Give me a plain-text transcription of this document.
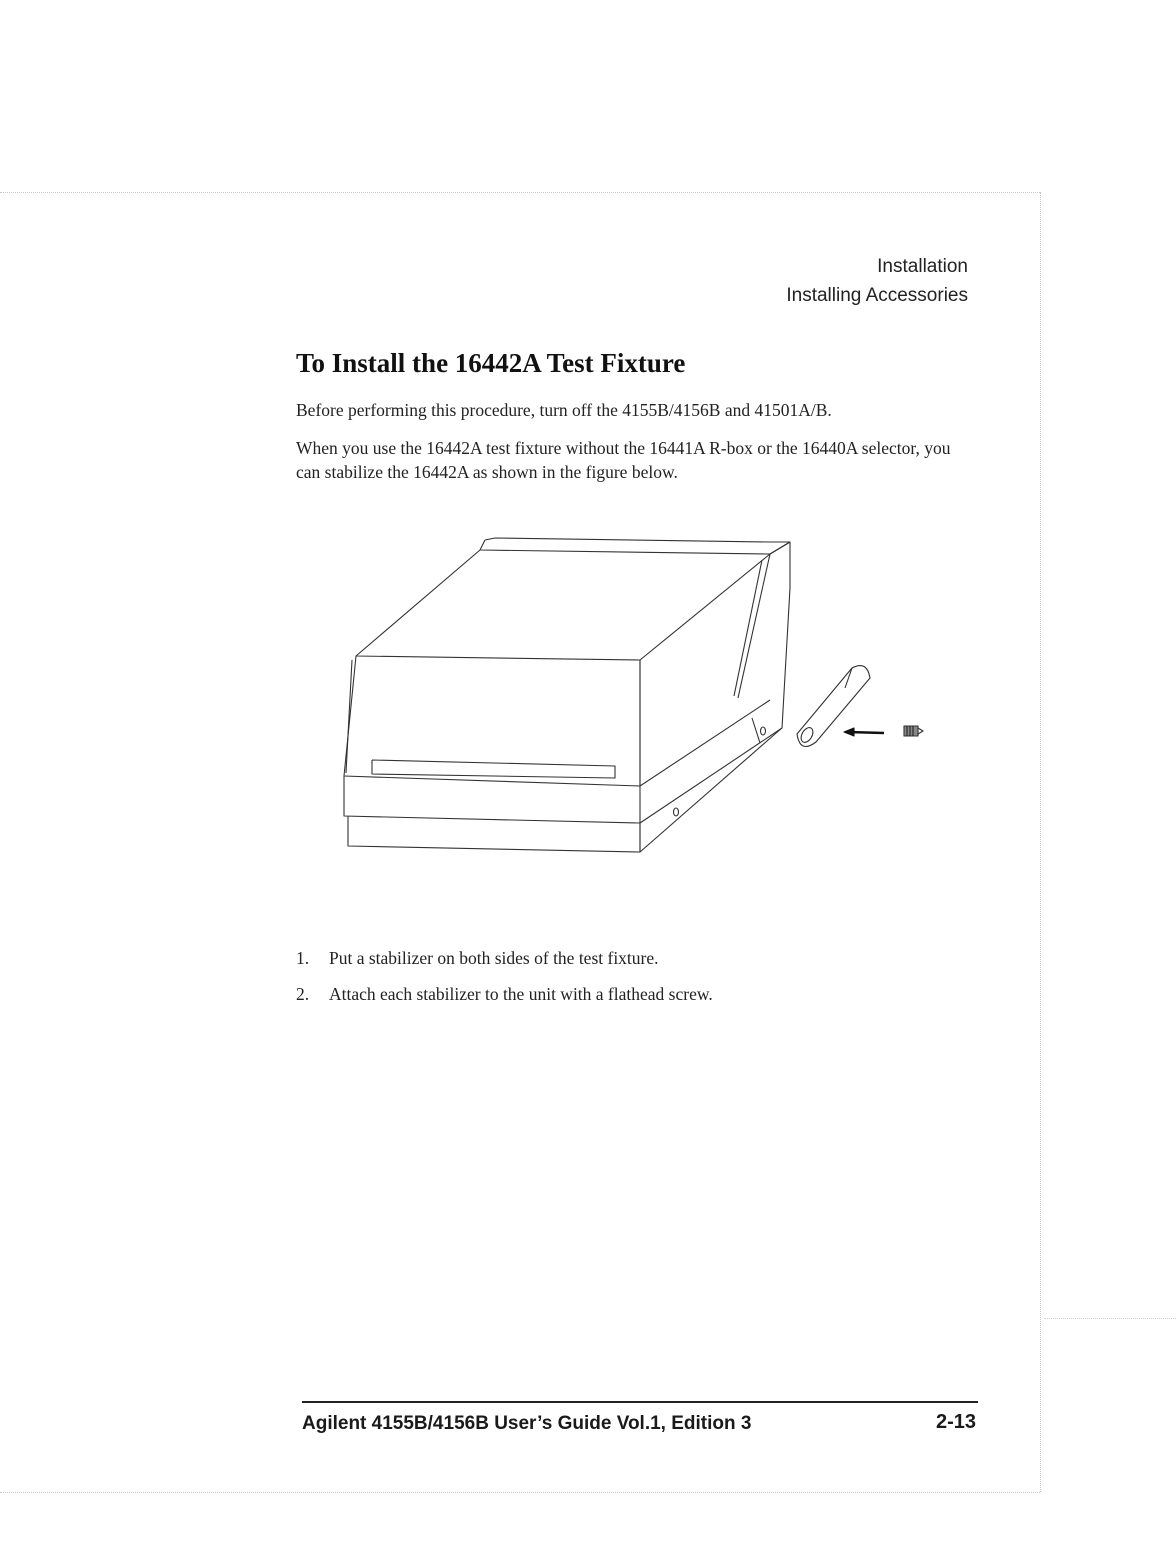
Installation
Installing Accessories
To Install the 16442A Test Fixture

Before performing this procedure, turn off the 4155B/4156B and 41501A/B.

When you use the 16442A test fixture without the 16441A R-box or the 16440A selector, you can stabilize the 16442A as shown in the figure below.

1.	Put a stabilizer on both sides of the test fixture.
2.	Attach each stabilizer to the unit with a flathead screw.
Agilent 4155B/4156B User’s Guide Vol.1, Edition 3	2-13
